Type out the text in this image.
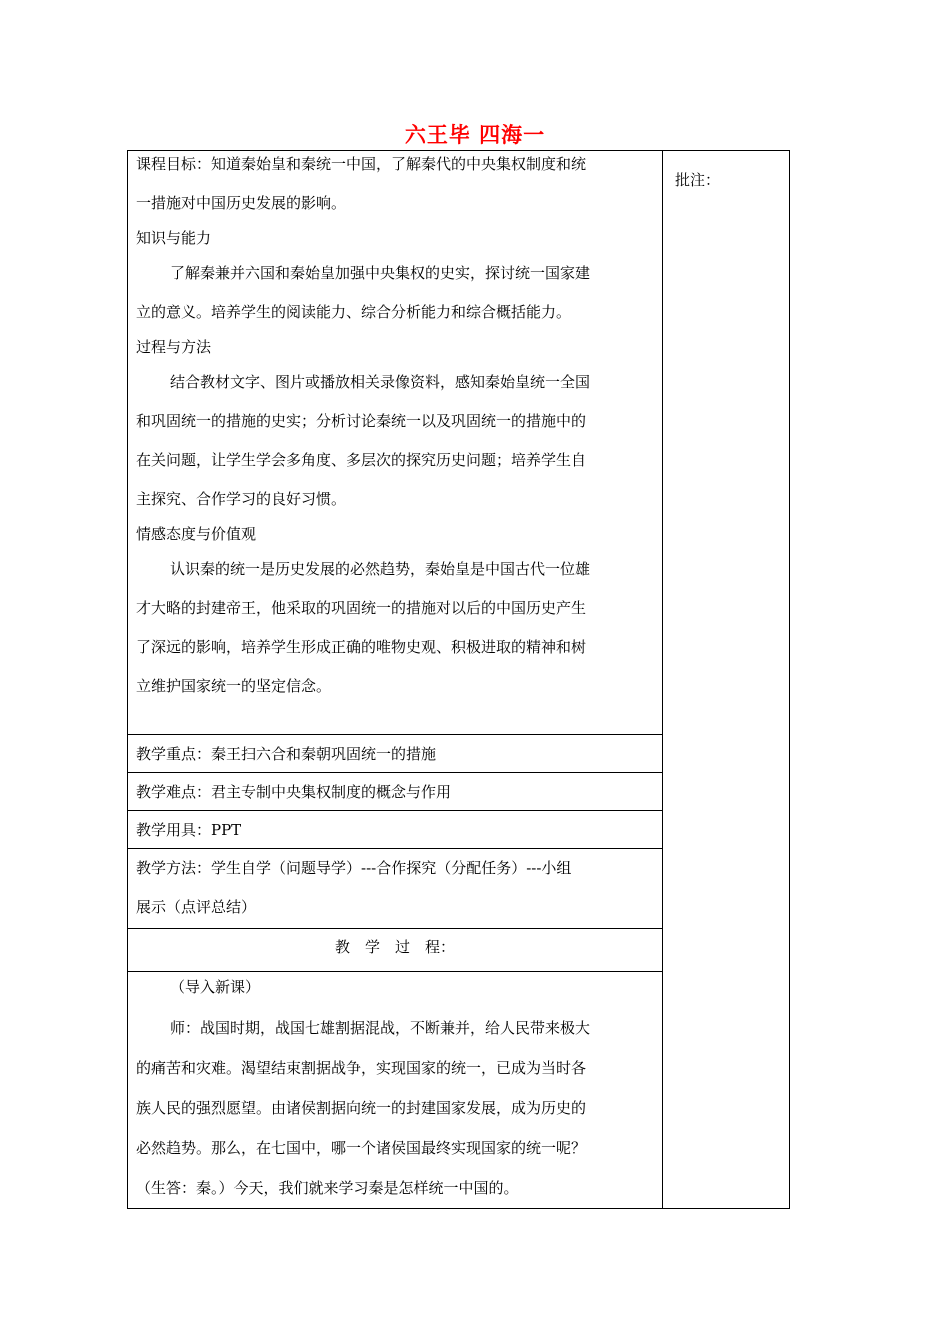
六王毕 四海一
批注：

课程目标：知道秦始皇和秦统一中国，了解秦代的中央集权制度和统

一措施对中国历史发展的影响。

知识与能力

了解秦兼并六国和秦始皇加强中央集权的史实，探讨统一国家建

立的意义。培养学生的阅读能力、综合分析能力和综合概括能力。

过程与方法

结合教材文字、图片或播放相关录像资料，感知秦始皇统一全国

和巩固统一的措施的史实；分析讨论秦统一以及巩固统一的措施中的

在关问题，让学生学会多角度、多层次的探究历史问题；培养学生自

主探究、合作学习的良好习惯。

情感态度与价值观

认识秦的统一是历史发展的必然趋势，秦始皇是中国古代一位雄

才大略的封建帝王，他采取的巩固统一的措施对以后的中国历史产生

了深远的影响，培养学生形成正确的唯物史观、积极进取的精神和树

立维护国家统一的坚定信念。

教学重点：秦王扫六合和秦朝巩固统一的措施

教学难点：君主专制中央集权制度的概念与作用

教学用具：PPT

教学方法：学生自学（问题导学）---合作探究（分配任务）---小组

展示（点评总结）

教　学　过　程：

（导入新课）

师：战国时期，战国七雄割据混战，不断兼并，给人民带来极大

的痛苦和灾难。渴望结束割据战争，实现国家的统一，已成为当时各

族人民的强烈愿望。由诸侯割据向统一的封建国家发展，成为历史的

必然趋势。那么，在七国中，哪一个诸侯国最终实现国家的统一呢？

（生答：秦。）今天，我们就来学习秦是怎样统一中国的。
